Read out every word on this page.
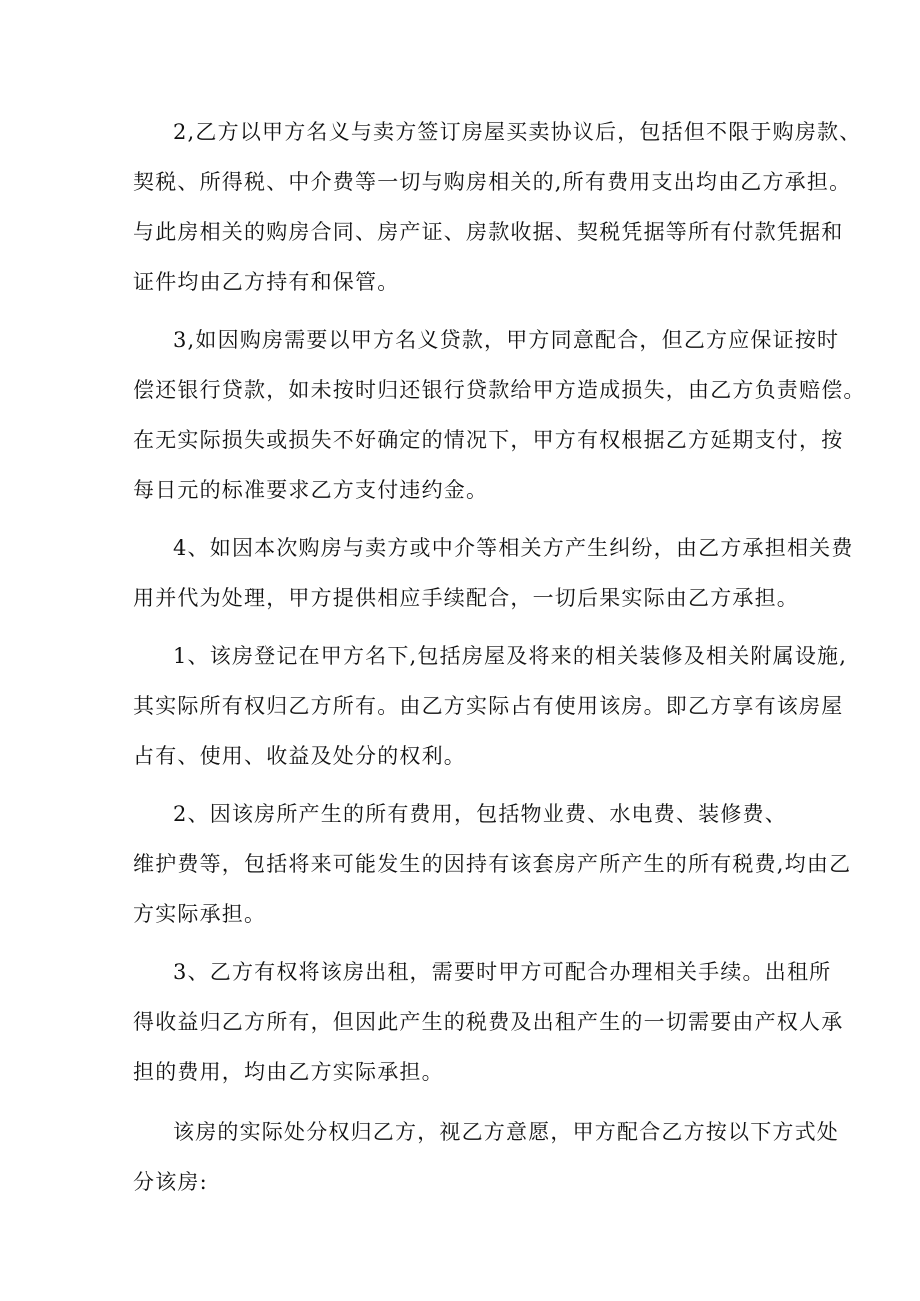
2,乙方以甲方名义与卖方签订房屋买卖协议后，包括但不限于购房款、
契税、所得税、中介费等一切与购房相关的,所有费用支出均由乙方承担。
与此房相关的购房合同、房产证、房款收据、契税凭据等所有付款凭据和
证件均由乙方持有和保管。
3,如因购房需要以甲方名义贷款，甲方同意配合，但乙方应保证按时
偿还银行贷款，如未按时归还银行贷款给甲方造成损失，由乙方负责赔偿。
在无实际损失或损失不好确定的情况下，甲方有权根据乙方延期支付，按
每日元的标准要求乙方支付违约金。
4、如因本次购房与卖方或中介等相关方产生纠纷，由乙方承担相关费
用并代为处理，甲方提供相应手续配合，一切后果实际由乙方承担。
1、该房登记在甲方名下,包括房屋及将来的相关装修及相关附属设施,
其实际所有权归乙方所有。由乙方实际占有使用该房。即乙方享有该房屋
占有、使用、收益及处分的权利。
2、因该房所产生的所有费用，包括物业费、水电费、装修费、
维护费等，包括将来可能发生的因持有该套房产所产生的所有税费,均由乙
方实际承担。
3、乙方有权将该房出租，需要时甲方可配合办理相关手续。出租所
得收益归乙方所有，但因此产生的税费及出租产生的一切需要由产权人承
担的费用，均由乙方实际承担。
该房的实际处分权归乙方，视乙方意愿，甲方配合乙方按以下方式处
分该房:
